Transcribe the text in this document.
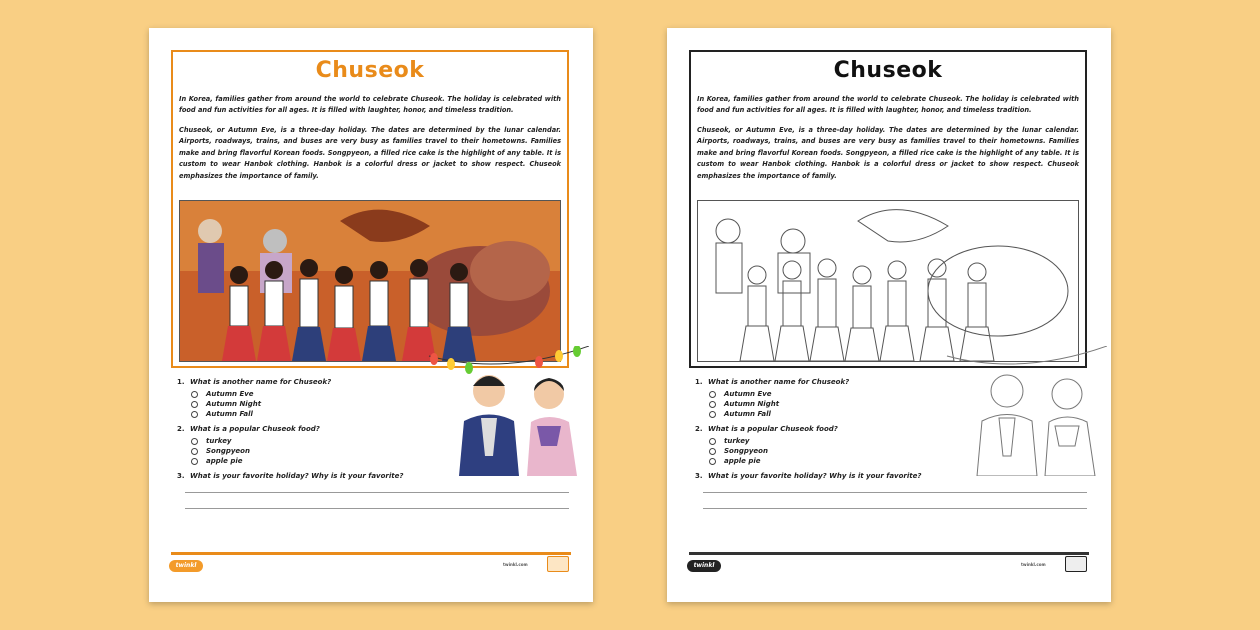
Chuseok
In Korea, families gather from around the world to celebrate Chuseok. The holiday is celebrated with food and fun activities for all ages. It is filled with laughter, honor, and timeless tradition.
Chuseok, or Autumn Eve, is a three-day holiday. The dates are determined by the lunar calendar. Airports, roadways, trains, and buses are very busy as families travel to their hometowns. Families make and bring flavorful Korean foods. Songpyeon, a filled rice cake is the highlight of any table. It is custom to wear Hanbok clothing. Hanbok is a colorful dress or jacket to show respect. Chuseok emphasizes the importance of family.
1. What is another name for Chuseok?
Autumn Eve
Autumn Night
Autumn Fall
2. What is a popular Chuseok food?
turkey
Songpyeon
apple pie
3. What is your favorite holiday? Why is it your favorite?
twinkl	twinkl.com
Chuseok
In Korea, families gather from around the world to celebrate Chuseok. The holiday is celebrated with food and fun activities for all ages. It is filled with laughter, honor, and timeless tradition.
Chuseok, or Autumn Eve, is a three-day holiday. The dates are determined by the lunar calendar. Airports, roadways, trains, and buses are very busy as families travel to their hometowns. Families make and bring flavorful Korean foods. Songpyeon, a filled rice cake is the highlight of any table. It is custom to wear Hanbok clothing. Hanbok is a colorful dress or jacket to show respect. Chuseok emphasizes the importance of family.
1. What is another name for Chuseok?
Autumn Eve
Autumn Night
Autumn Fall
2. What is a popular Chuseok food?
turkey
Songpyeon
apple pie
3. What is your favorite holiday? Why is it your favorite?
twinkl	twinkl.com
